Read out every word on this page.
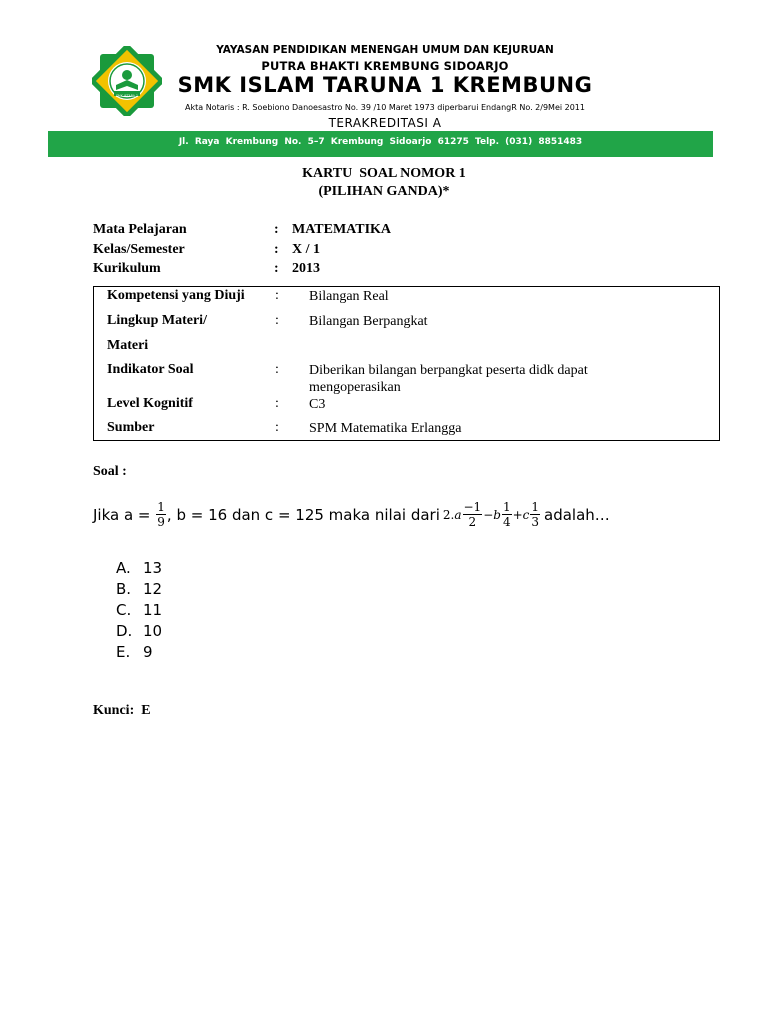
SMK ISTARA 1
YAYASAN PENDIDIKAN MENENGAH UMUM DAN KEJURUAN
PUTRA BHAKTI KREMBUNG SIDOARJO
SMK ISLAM TARUNA 1 KREMBUNG
Akta Notaris : R. Soebiono Danoesastro No. 39 /10 Maret 1973 diperbarui EndangR No. 2/9Mei 2011
TERAKREDITASI A
Jl. Raya Krembung No. 5–7 Krembung Sidoarjo 61275 Telp. (031) 8851483
KARTU  SOAL NOMOR 1
(PILIHAN GANDA)*
Mata Pelajaran	: MATEMATIKA
Kelas/Semester	: X / 1
Kurikulum	: 2013
Kompetensi yang Diuji : Bilangan Real
Lingkup Materi/	: Bilangan Berpangkat
Materi
Indikator Soal	: Diberikan bilangan berpangkat peserta didk dapat mengoperasikan
Level Kognitif	: C3
Sumber	: SPM Matematika Erlangga
Soal :
Jika $a = \frac{1}{9}$ , b = 16 dan c = 125 maka nilai dari 2. a $\frac{-1}{2} - b \frac{1}{4} + c \frac{1}{3}$ adalah…
A. 13
B. 12
C. 11
D. 10
E. 9
Kunci:  E
